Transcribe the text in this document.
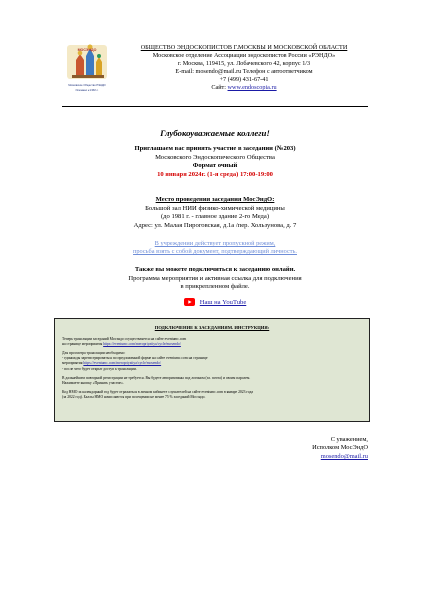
МОСЭНДО
Московское Общество РЭНДО
Основано в 1982 г.
ОБЩЕСТВО ЭНДОСКОПИСТОВ Г.МОСКВЫ И МОСКОВСКОЙ ОБЛАСТИ
Московское отделение Ассоциации эндоскопистов России «РЭНДО»
г. Москва, 119415, ул. Лобачевского 42, корпус 1/3
E-mail: mosendo@mail.ru Телефон с автоответчиком
+7 (499) 431-67-41
Сайт: www.endoscopia.ru
Глубокоуважаемые коллеги!
Приглашаем вас принять участие в заседании (№203)
Московского Эндоскопического Общества
Формат очный
10 января 2024г. (1-я среда) 17:00-19:00
Место проведения заседания МосЭндО:
Большой зал НИИ физико-химической медицины
(до 1981 г. - главное здание 2-го Меда)
Адрес: ул. Малая Пироговская, д.1а /пер. Хользунова, д. 7
В учреждении действует пропускной режим,
просьба взять с собой документ, подтверждающий личность.
Также вы можете подключиться к заседанию онлайн.
Программа мероприятия и активная ссылка для подключения
в прикрепленном файле.
Наш на YouTube
ПОДКЛЮЧЕНИЕ К ЗАСЕДАНИЯМ. ИНСТРУКЦИЯ:

Теперь трансляции заседаний Мосэндо осуществляется на сайте eventumc.com
на странице мероприятия https://eventumc.com/meropriyatiya/cycle/mosendo/

Для просмотра трансляции необходимо:
- единожды зарегистрироваться по предложенной форме на сайте eventumc.com на странице
мероприятия https://eventumc.com/meropriyatiya/cycle/mosendo/
- после чего будет открыт доступ к трансляции.

В дальнейшем повторной регистрации не требуется. Вы будете авторизованы под логином (эл. почта) и своим паролем.
Нажимаете кнопку «Принять участие».

Код НМО за календарный год будет отражаться в личном кабинете слушателей на сайте eventumc.com в январе 2023 года
(за 2022 год). Баллы НМО начисляются при посещении не менее 75 % заседаний Мосэндо.

С уважением,
Исполком МосЭндО
mosendo@mail.ru
